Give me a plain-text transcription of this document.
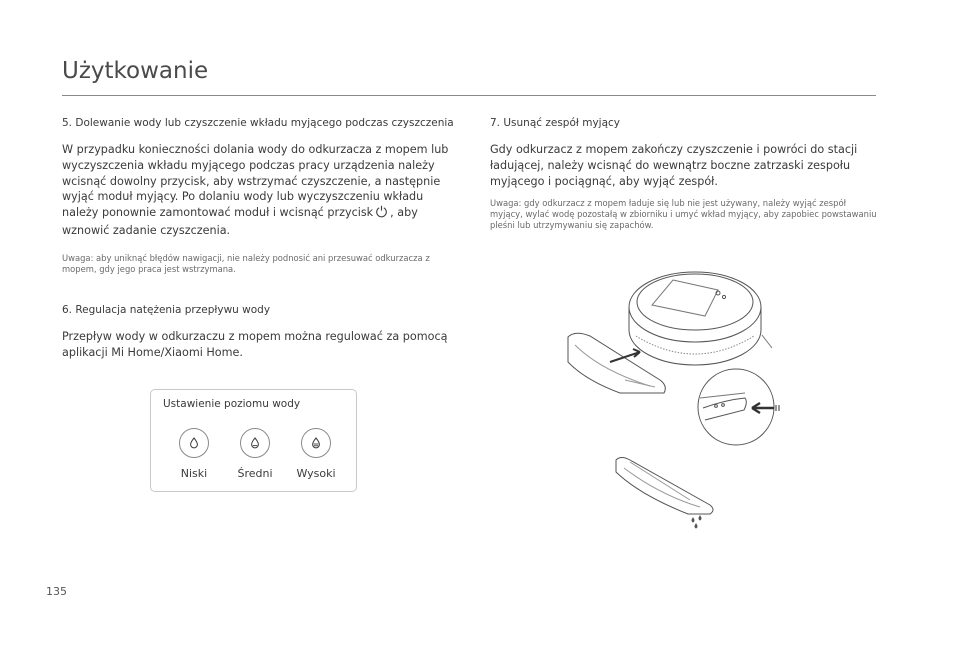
Użytkowanie

5. Dolewanie wody lub czyszczenie wkładu myjącego podczas czyszczenia

W przypadku konieczności dolania wody do odkurzacza z mopem lub wyczyszczenia wkładu myjącego podczas pracy urządzenia należy wcisnąć dowolny przycisk, aby wstrzymać czyszczenie, a następnie wyjąć moduł myjący. Po dolaniu wody lub wyczyszczeniu wkładu należy ponownie zamontować moduł i wcisnąć przycisk , aby wznowić zadanie czyszczenia.

Uwaga: aby uniknąć błędów nawigacji, nie należy podnosić ani przesuwać odkurzacza z mopem, gdy jego praca jest wstrzymana.

6. Regulacja natężenia przepływu wody

Przepływ wody w odkurzaczu z mopem można regulować za pomocą aplikacji Mi Home/Xiaomi Home.

Ustawienie poziomu wody
Niski	Średni	Wysoki

7. Usunąć zespół myjący

Gdy odkurzacz z mopem zakończy czyszczenie i powróci do stacji ładującej, należy wcisnąć do wewnątrz boczne zatrzaski zespołu myjącego i pociągnąć, aby wyjąć zespół.

Uwaga: gdy odkurzacz z mopem ładuje się lub nie jest używany, należy wyjąć zespół myjący, wylać wodę pozostałą w zbiorniku i umyć wkład myjący, aby zapobiec powstawaniu pleśni lub utrzymywaniu się zapachów.

135
